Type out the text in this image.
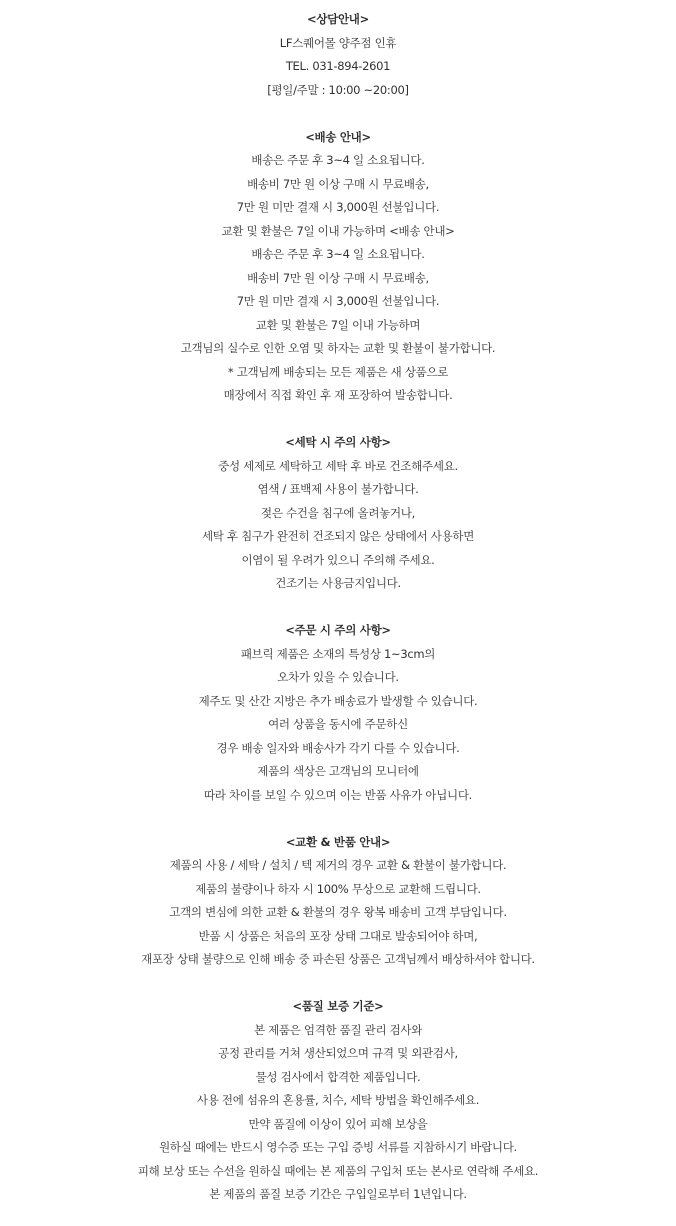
<상담안내>
LF스퀘어몰 양주점 인휴
TEL. 031-894-2601
[평일/주말 : 10:00 ~20:00]
<배송 안내>
배송은 주문 후 3~4 일 소요됩니다.
배송비 7만 원 이상 구매 시 무료배송,
7만 원 미만 결재 시 3,000원 선불입니다.
교환 및 환불은 7일 이내 가능하며 <배송 안내>
배송은 주문 후 3~4 일 소요됩니다.
배송비 7만 원 이상 구매 시 무료배송,
7만 원 미만 결재 시 3,000원 선불입니다.
교환 및 환불은 7일 이내 가능하며
고객님의 실수로 인한 오염 및 하자는 교환 및 환불이 불가합니다.
* 고객님께 배송되는 모든 제품은 새 상품으로
매장에서 직접 확인 후 재 포장하여 발송합니다.
<세탁 시 주의 사항>
중성 세제로 세탁하고 세탁 후 바로 건조해주세요.
염색 / 표백제 사용이 불가합니다.
젖은 수건을 침구에 올려놓거나,
세탁 후 침구가 완전히 건조되지 않은 상태에서 사용하면
이염이 될 우려가 있으니 주의해 주세요.
건조기는 사용금지입니다.
<주문 시 주의 사항>
패브릭 제품은 소재의 특성상 1~3cm의
오차가 있을 수 있습니다.
제주도 및 산간 지방은 추가 배송료가 발생할 수 있습니다.
여러 상품을 동시에 주문하신
경우 배송 일자와 배송사가 각기 다를 수 있습니다.
제품의 색상은 고객님의 모니터에
따라 차이를 보일 수 있으며 이는 반품 사유가 아닙니다.
<교환 & 반품 안내>
제품의 사용 / 세탁 / 설치 / 텍 제거의 경우 교환 & 환불이 불가합니다.
제품의 불량이나 하자 시 100% 무상으로 교환해 드립니다.
고객의 변심에 의한 교환 & 환불의 경우 왕복 배송비 고객 부담입니다.
반품 시 상품은 처음의 포장 상태 그대로 발송되어야 하며,
재포장 상태 불량으로 인해 배송 중 파손된 상품은 고객님께서 배상하셔야 합니다.
<품질 보증 기준>
본 제품은 엄격한 품질 관리 검사와
공정 관리를 거쳐 생산되었으며 규격 및 외관검사,
물성 검사에서 합격한 제품입니다.
사용 전에 섬유의 혼용률, 치수, 세탁 방법을 확인해주세요.
만약 품질에 이상이 있어 피해 보상을
원하실 때에는 반드시 영수증 또는 구입 증빙 서류를 지참하시기 바랍니다.
피해 보상 또는 수선을 원하실 때에는 본 제품의 구입처 또는 본사로 연락해 주세요.
본 제품의 품질 보증 기간은 구입일로부터 1년입니다.
